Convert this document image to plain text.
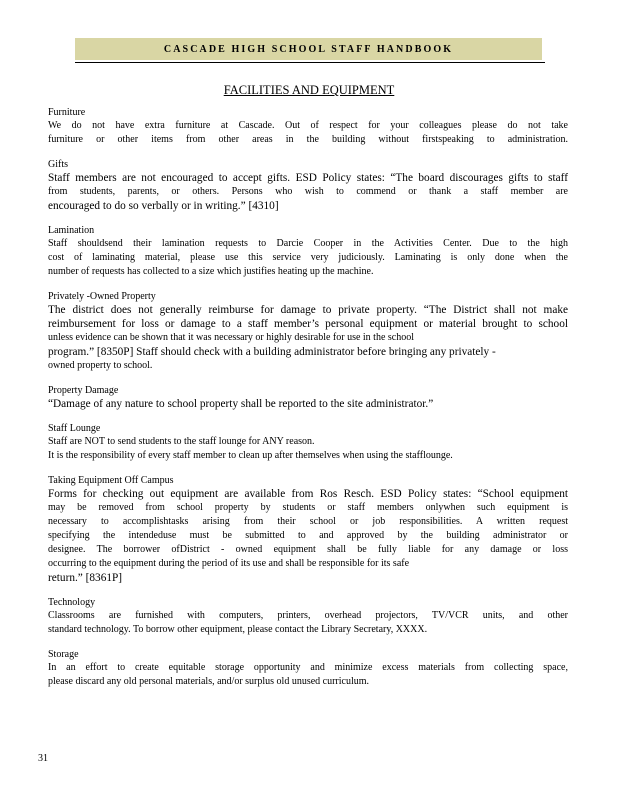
CASCADE HIGH SCHOOL STAFF HANDBOOK
FACILITIES AND EQUIPMENT
Furniture
We do not have extra furniture at Cascade. Out of respect for your colleagues please do not take
furniture or other items from other areas in the building without firstspeaking to administration.
Gifts
Staff members are not encouraged to accept gifts. ESD Policy states: “The board discourages gifts to staff
from students, parents, or others. Persons who wish to commend or thank a staff member are
encouraged to do so verbally or in writing.” [4310]
Lamination
Staff shouldsend their lamination requests to Darcie Cooper in the Activities Center. Due to the high
cost of laminating material, please use this service very judiciously. Laminating is only done when the
number of requests has collected to a size which justifies heating up the machine.
Privately -Owned Property
The district does not generally reimburse for damage to private property. “The District shall not make
reimbursement for loss or damage to a staff member’s personal equipment or material brought to school
unless evidence can be shown that it was necessary or highly desirable for use in the school
program.” [8350P] Staff should check with a building administrator before bringing any privately -
owned property to school.
Property Damage
“Damage of any nature to school property shall be reported to the site administrator.”
Staff Lounge
Staff are NOT to send students to the staff lounge for ANY reason.
It is the responsibility of every staff member to clean up after themselves when using the stafflounge.
Taking Equipment Off Campus
Forms for checking out equipment are available from Ros Resch. ESD Policy states: “School equipment
may be removed from school property by students or staff members onlywhen such equipment is
necessary to accomplishtasks arising from their school or job responsibilities. A written request
specifying the intendeduse must be submitted to and approved by the building administrator or
designee. The borrower ofDistrict - owned equipment shall be fully liable for any damage or loss
occurring to the equipment during the period of its use and shall be responsible for its safe
return.” [8361P]
Technology
Classrooms are furnished with computers, printers, overhead projectors, TV/VCR units, and other
standard technology. To borrow other equipment, please contact the Library Secretary, XXXX.
Storage
In an effort to create equitable storage opportunity and minimize excess materials from collecting space,
please discard any old personal materials, and/or surplus old unused curriculum.
31
